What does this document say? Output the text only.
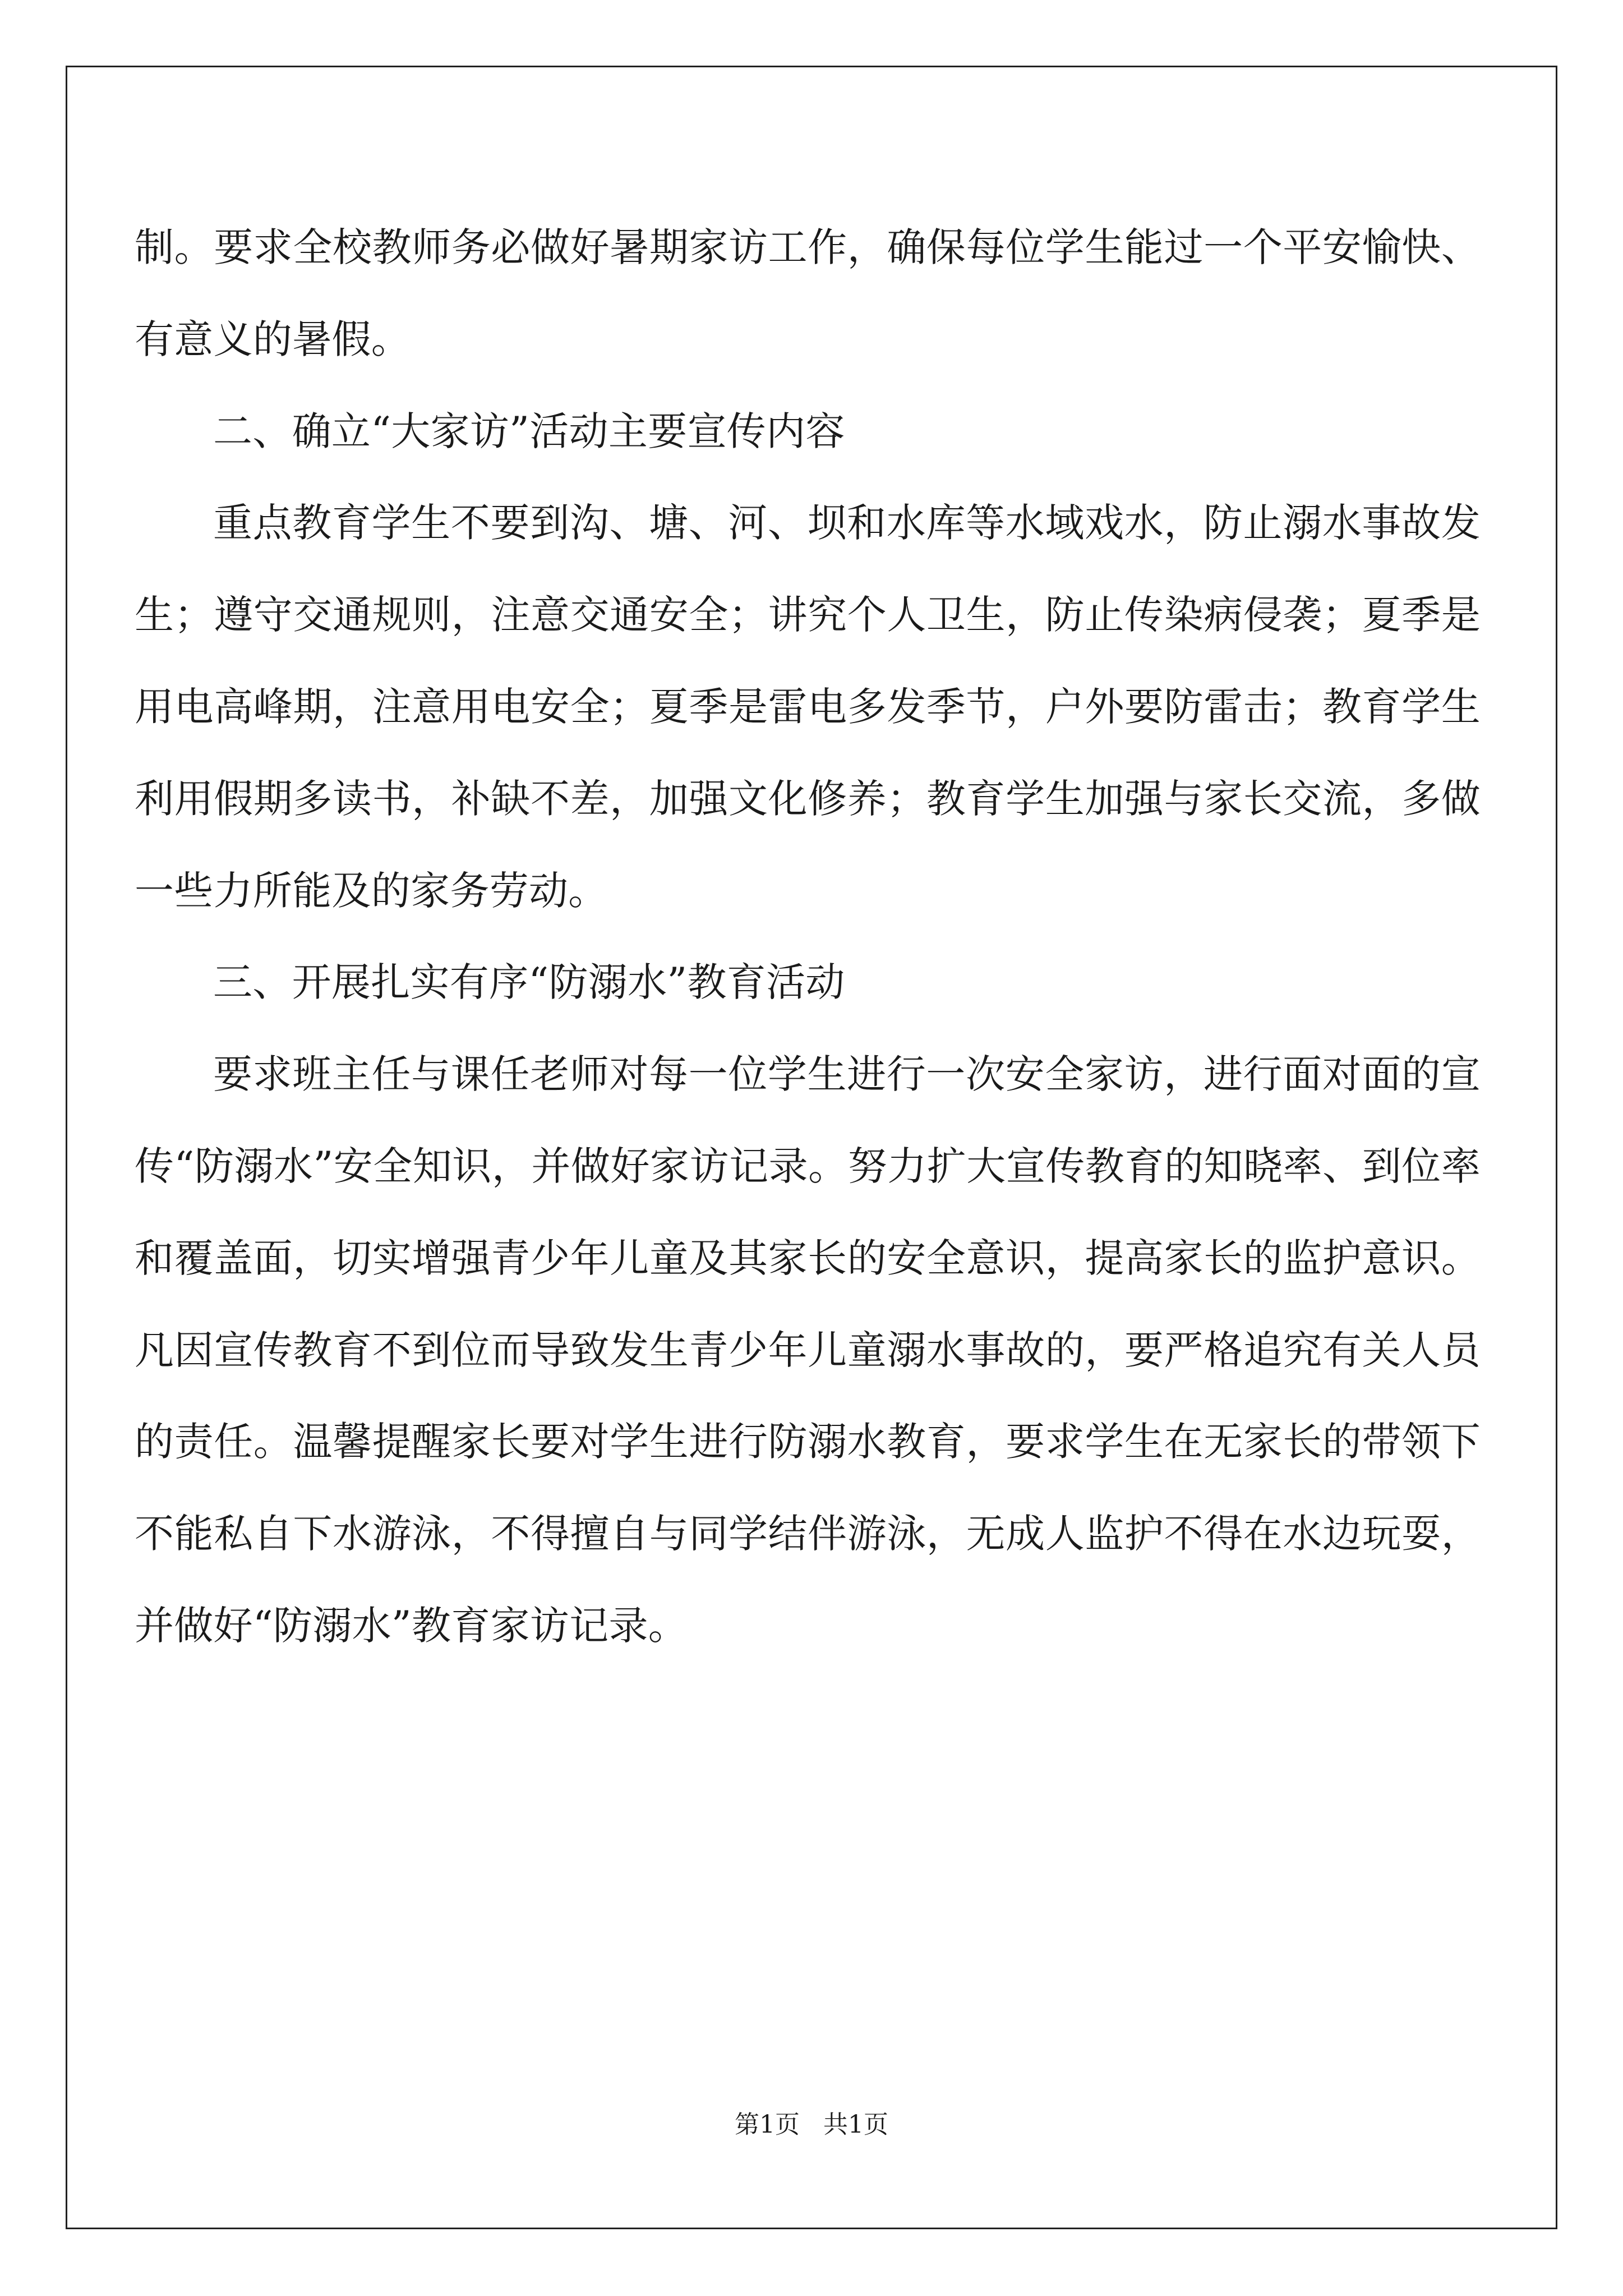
制。要求全校教师务必做好暑期家访工作，确保每位学生能过一个平安愉快、有意义的暑假。

二、确立“大家访”活动主要宣传内容

重点教育学生不要到沟、塘、河、坝和水库等水域戏水，防止溺水事故发生；遵守交通规则，注意交通安全；讲究个人卫生，防止传染病侵袭；夏季是用电高峰期，注意用电安全；夏季是雷电多发季节，户外要防雷击；教育学生利用假期多读书，补缺不差，加强文化修养；教育学生加强与家长交流，多做一些力所能及的家务劳动。

三、开展扎实有序“防溺水”教育活动

要求班主任与课任老师对每一位学生进行一次安全家访，进行面对面的宣传“防溺水”安全知识，并做好家访记录。努力扩大宣传教育的知晓率、到位率和覆盖面，切实增强青少年儿童及其家长的安全意识，提高家长的监护意识。凡因宣传教育不到位而导致发生青少年儿童溺水事故的，要严格追究有关人员的责任。温馨提醒家长要对学生进行防溺水教育，要求学生在无家长的带领下不能私自下水游泳，不得擅自与同学结伴游泳，无成人监护不得在水边玩耍，并做好“防溺水”教育家访记录。

第1页   共1页
